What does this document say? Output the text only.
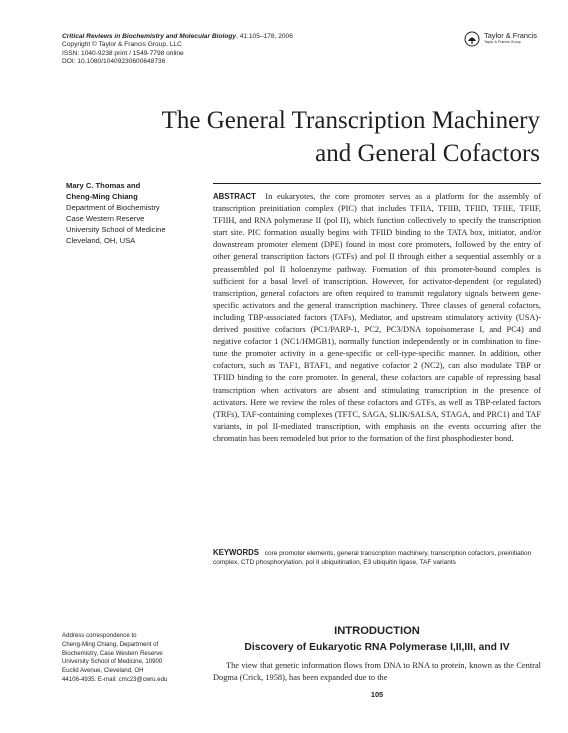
Critical Reviews in Biochemistry and Molecular Biology, 41:105–178, 2006
Copyright © Taylor & Francis Group, LLC
ISSN: 1040-9238 print / 1549-7798 online
DOI: 10.1080/10409230600648736
Taylor & Francis
Taylor & Francis Group
The General Transcription Machinery
and General Cofactors
Mary C. Thomas and
Cheng-Ming Chiang
Department of Biochemistry
Case Western Reserve
University School of Medicine
Cleveland, OH, USA
ABSTRACT In eukaryotes, the core promoter serves as a platform for the assembly of transcription preinitiation complex (PIC) that includes TFIIA, TFIIB, TFIID, TFIIE, TFIIF, TFIIH, and RNA polymerase II (pol II), which function collectively to specify the transcription start site. PIC formation usually begins with TFIID binding to the TATA box, initiator, and/or downstream promoter element (DPE) found in most core promoters, followed by the entry of other general transcription factors (GTFs) and pol II through either a sequential assembly or a preassembled pol II holoenzyme pathway. Formation of this promoter-bound complex is sufficient for a basal level of transcription. However, for activator-dependent (or regulated) transcription, general cofactors are often required to transmit regulatory signals between gene-specific activators and the general transcription machinery. Three classes of general cofactors, including TBP-associated factors (TAFs), Mediator, and upstream stimulatory activity (USA)-derived positive cofactors (PC1/PARP-1, PC2, PC3/DNA topoisomerase I, and PC4) and negative cofactor 1 (NC1/HMGB1), normally function independently or in combination to fine-tune the promoter activity in a gene-specific or cell-type-specific manner. In addition, other cofactors, such as TAF1, BTAF1, and negative cofactor 2 (NC2), can also modulate TBP or TFIID binding to the core promoter. In general, these cofactors are capable of repressing basal transcription when activators are absent and stimulating transcription in the presence of activators. Here we review the roles of these cofactors and GTFs, as well as TBP-related factors (TRFs), TAF-containing complexes (TFTC, SAGA, SLIK/SALSA, STAGA, and PRC1) and TAF variants, in pol II-mediated transcription, with emphasis on the events occurring after the chromatin has been remodeled but prior to the formation of the first phosphodiester bond.
KEYWORDS core promoter elements, general transcription machinery, transcription cofactors, preinitiation complex, CTD phosphorylation, pol II ubiquitination, E3 ubiquitin ligase, TAF variants
Address correspondence to
Cheng-Ming Chiang, Department of
Biochemistry, Case Western Reserve
University School of Medicine, 10900
Euclid Avenue, Cleveland, OH
44106-4935. E-mail: cmc23@cwru.edu
INTRODUCTION
Discovery of Eukaryotic RNA Polymerase I,II,III, and IV
The view that genetic information flows from DNA to RNA to protein, known as the Central Dogma (Crick, 1958), has been expanded due to the
105
